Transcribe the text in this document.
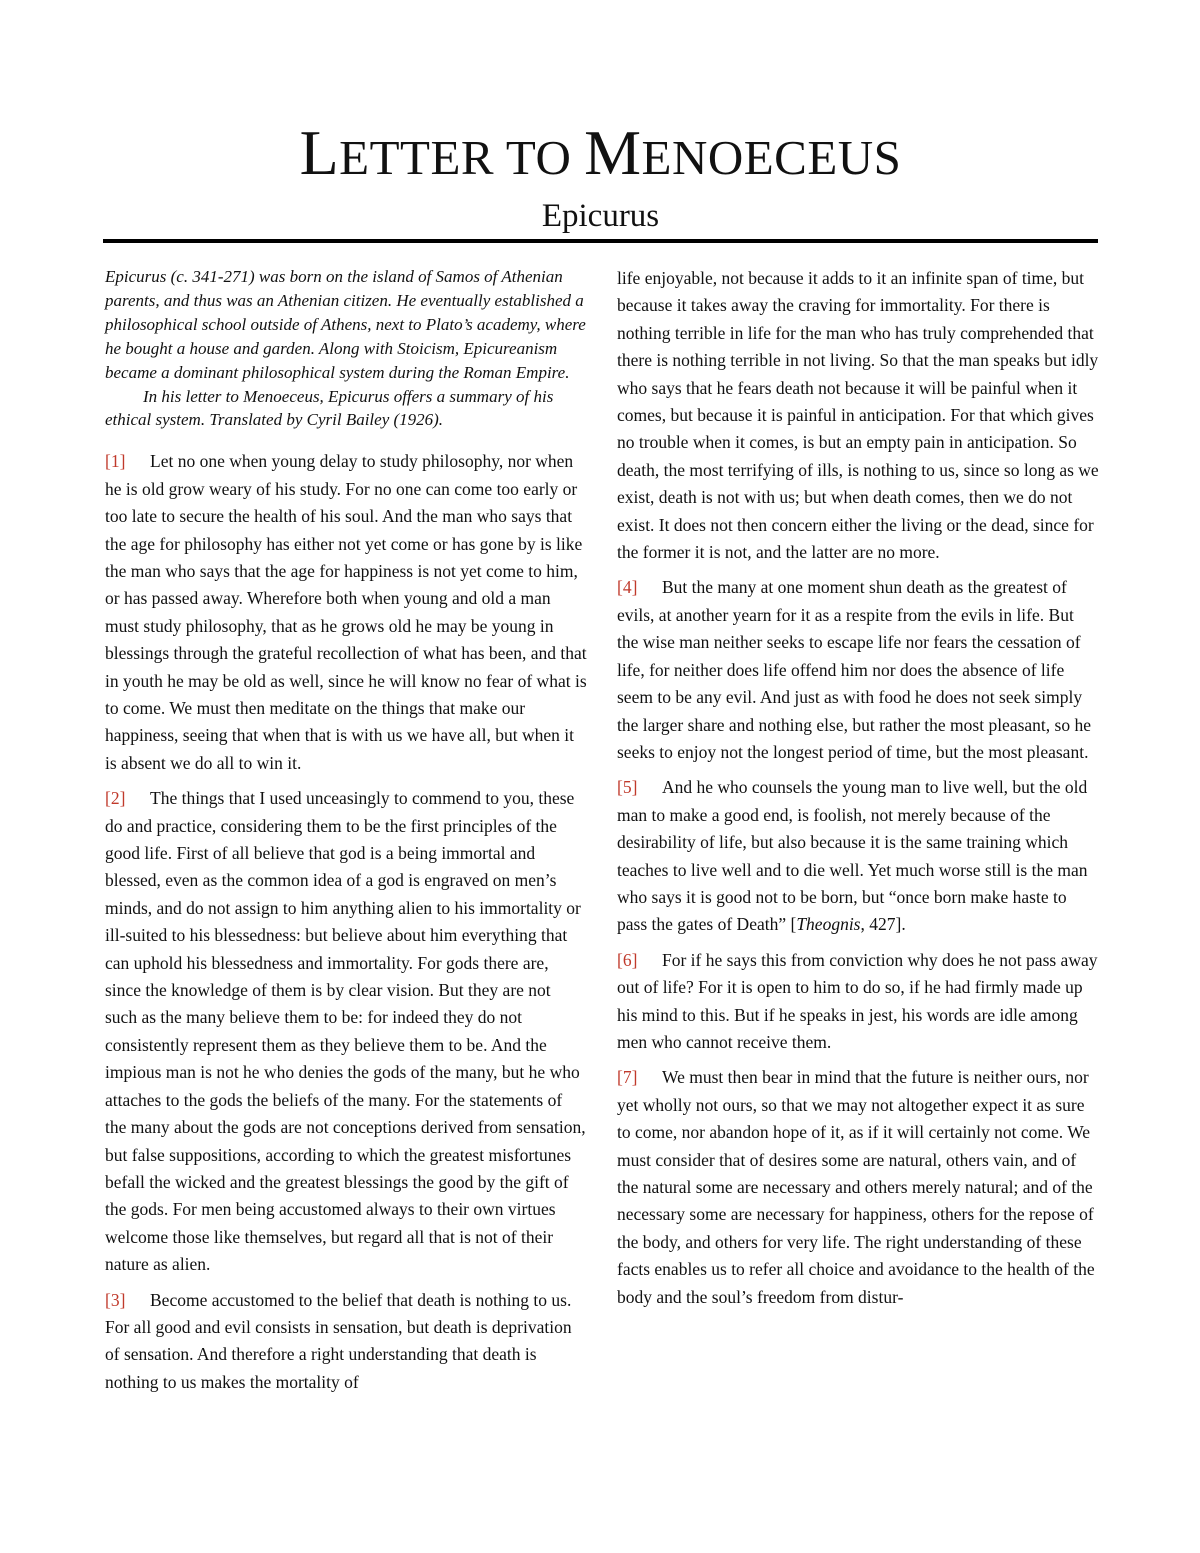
LETTER TO MENOECEUS
Epicurus

Epicurus (c. 341-271) was born on the island of Samos of Athenian parents, and thus was an Athenian citizen. He eventually established a philosophical school outside of Athens, next to Plato’s academy, where he bought a house and garden. Along with Stoicism, Epicureanism became a dominant philosophical system during the Roman Empire.

In his letter to Menoeceus, Epicurus offers a summary of his ethical system. Translated by Cyril Bailey (1926).

[1] Let no one when young delay to study philosophy, nor when he is old grow weary of his study. For no one can come too early or too late to secure the health of his soul. And the man who says that the age for philosophy has either not yet come or has gone by is like the man who says that the age for happiness is not yet come to him, or has passed away. Wherefore both when young and old a man must study philosophy, that as he grows old he may be young in blessings through the grateful recollection of what has been, and that in youth he may be old as well, since he will know no fear of what is to come. We must then meditate on the things that make our happiness, seeing that when that is with us we have all, but when it is absent we do all to win it.

[2] The things that I used unceasingly to commend to you, these do and practice, considering them to be the first principles of the good life. First of all believe that god is a being immortal and blessed, even as the common idea of a god is engraved on men’s minds, and do not assign to him anything alien to his immortality or ill-suited to his blessedness: but believe about him everything that can uphold his blessedness and immortality. For gods there are, since the knowledge of them is by clear vision. But they are not such as the many believe them to be: for indeed they do not consistently represent them as they believe them to be. And the impious man is not he who denies the gods of the many, but he who attaches to the gods the beliefs of the many. For the statements of the many about the gods are not conceptions derived from sensation, but false suppositions, according to which the greatest misfortunes befall the wicked and the greatest blessings the good by the gift of the gods. For men being accustomed always to their own virtues welcome those like themselves, but regard all that is not of their nature as alien.

[3] Become accustomed to the belief that death is nothing to us. For all good and evil consists in sensation, but death is deprivation of sensation. And therefore a right understanding that death is nothing to us makes the mortality of

life enjoyable, not because it adds to it an infinite span of time, but because it takes away the craving for immortality. For there is nothing terrible in life for the man who has truly comprehended that there is nothing terrible in not living. So that the man speaks but idly who says that he fears death not because it will be painful when it comes, but because it is painful in anticipation. For that which gives no trouble when it comes, is but an empty pain in anticipation. So death, the most terrifying of ills, is nothing to us, since so long as we exist, death is not with us; but when death comes, then we do not exist. It does not then concern either the living or the dead, since for the former it is not, and the latter are no more.

[4] But the many at one moment shun death as the greatest of evils, at another yearn for it as a respite from the evils in life. But the wise man neither seeks to escape life nor fears the cessation of life, for neither does life offend him nor does the absence of life seem to be any evil. And just as with food he does not seek simply the larger share and nothing else, but rather the most pleasant, so he seeks to enjoy not the longest period of time, but the most pleasant.

[5] And he who counsels the young man to live well, but the old man to make a good end, is foolish, not merely because of the desirability of life, but also because it is the same training which teaches to live well and to die well. Yet much worse still is the man who says it is good not to be born, but “once born make haste to pass the gates of Death” [Theognis, 427].

[6] For if he says this from conviction why does he not pass away out of life? For it is open to him to do so, if he had firmly made up his mind to this. But if he speaks in jest, his words are idle among men who cannot receive them.

[7] We must then bear in mind that the future is neither ours, nor yet wholly not ours, so that we may not altogether expect it as sure to come, nor abandon hope of it, as if it will certainly not come. We must consider that of desires some are natural, others vain, and of the natural some are necessary and others merely natural; and of the necessary some are necessary for happiness, others for the repose of the body, and others for very life. The right understanding of these facts enables us to refer all choice and avoidance to the health of the body and the soul’s freedom from distur-
